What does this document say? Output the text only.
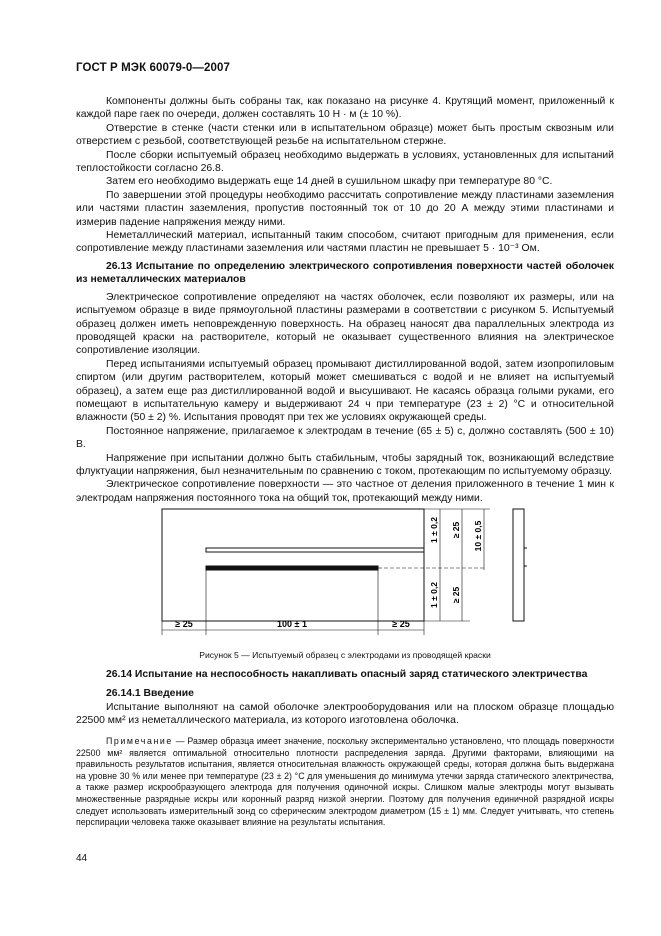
ГОСТ Р МЭК 60079-0—2007

Компоненты должны быть собраны так, как показано на рисунке 4. Крутящий момент, приложенный к каждой паре гаек по очереди, должен составлять 10 Н · м (± 10 %).

Отверстие в стенке (части стенки или в испытательном образце) может быть простым сквозным или отверстием с резьбой, соответствующей резьбе на испытательном стержне.

После сборки испытуемый образец необходимо выдержать в условиях, установленных для испытаний теплостойкости согласно 26.8.

Затем его необходимо выдержать еще 14 дней в сушильном шкафу при температуре 80 °C.

По завершении этой процедуры необходимо рассчитать сопротивление между пластинами заземления или частями пластин заземления, пропустив постоянный ток от 10 до 20 А между этими пластинами и измерив падение напряжения между ними.

Неметаллический материал, испытанный таким способом, считают пригодным для применения, если сопротивление между пластинами заземления или частями пластин не превышает 5 · 10⁻³ Ом.

26.13 Испытание по определению электрического сопротивления поверхности частей оболочек из неметаллических материалов

Электрическое сопротивление определяют на частях оболочек, если позволяют их размеры, или на испытуемом образце в виде прямоугольной пластины размерами в соответствии с рисунком 5. Испытуемый образец должен иметь неповрежденную поверхность. На образец наносят два параллельных электрода из проводящей краски на растворителе, который не оказывает существенного влияния на электрическое сопротивление изоляции.

Перед испытаниями испытуемый образец промывают дистиллированной водой, затем изопропиловым спиртом (или другим растворителем, который может смешиваться с водой и не влияет на испытуемый образец), а затем еще раз дистиллированной водой и высушивают. Не касаясь образца голыми руками, его помещают в испытательную камеру и выдерживают 24 ч при температуре (23 ± 2) °C и относительной влажности (50 ± 2) %. Испытания проводят при тех же условиях окружающей среды.

Постоянное напряжение, прилагаемое к электродам в течение (65 ± 5) с, должно составлять (500 ± 10) В.

Напряжение при испытании должно быть стабильным, чтобы зарядный ток, возникающий вследствие флуктуации напряжения, был незначительным по сравнению с током, протекающим по испытуемому образцу.

Электрическое сопротивление поверхности — это частное от деления приложенного в течение 1 мин к электродам напряжения постоянного тока на общий ток, протекающий между ними.

≥ 25	100 ± 1	≥ 25
1 ± 0,2 ≥ 25 10 ± 0,5
1 ± 0,2 ≥ 25
Рисунок 5 — Испытуемый образец с электродами из проводящей краски

26.14 Испытание на неспособность накапливать опасный заряд статического электричества

26.14.1 Введение

Испытание выполняют на самой оболочке электрооборудования или на плоском образце площадью 22500 мм² из неметаллического материала, из которого изготовлена оболочка.

Примечание — Размер образца имеет значение, поскольку экспериментально установлено, что площадь поверхности 22500 мм² является оптимальной относительно плотности распределения заряда. Другими факторами, влияющими на правильность результатов испытания, является относительная влажность окружающей среды, которая должна быть выдержана на уровне 30 % или менее при температуре (23 ± 2) °C для уменьшения до минимума утечки заряда статического электричества, а также размер искрообразующего электрода для получения одиночной искры. Слишком малые электроды могут вызывать множественные разрядные искры или коронный разряд низкой энергии. Поэтому для получения единичной разрядной искры следует использовать измерительный зонд со сферическим электродом диаметром (15 ± 1) мм. Следует учитывать, что степень перспирации человека также оказывает влияние на результаты испытания.

44
